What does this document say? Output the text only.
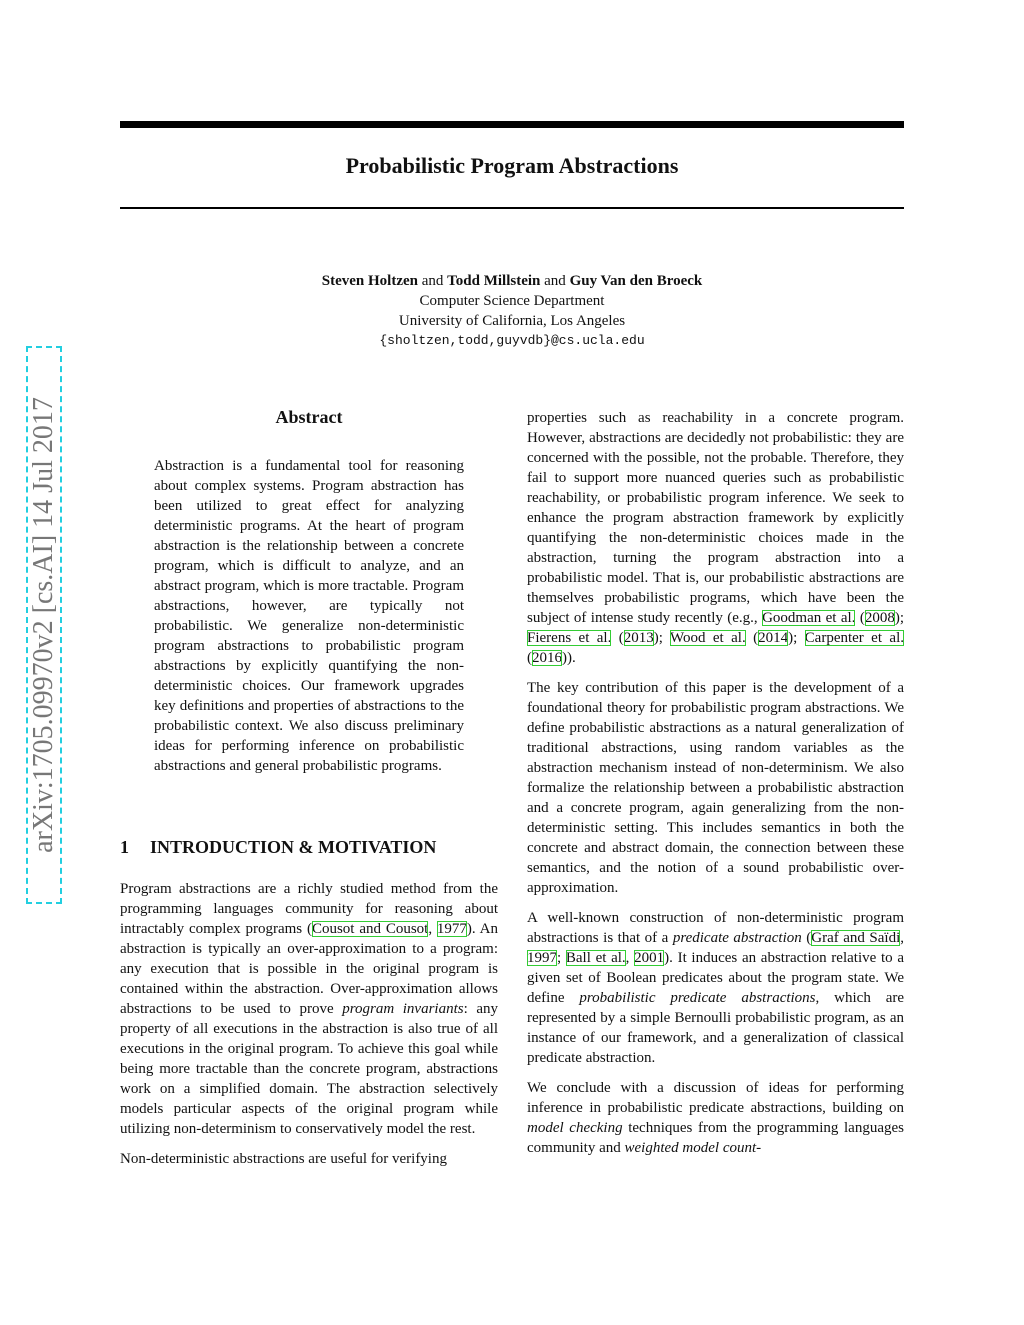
Probabilistic Program Abstractions
Steven Holtzen and Todd Millstein and Guy Van den Broeck
Computer Science Department
University of California, Los Angeles
{sholtzen,todd,guyvdb}@cs.ucla.edu
arXiv:1705.09970v2 [cs.AI] 14 Jul 2017	Abstract

Abstraction is a fundamental tool for reasoning about complex systems. Program abstraction has been utilized to great effect for analyzing deterministic programs. At the heart of program abstraction is the relationship between a concrete program, which is difficult to analyze, and an abstract program, which is more tractable. Program abstractions, however, are typically not probabilistic. We generalize non-deterministic program abstractions to probabilistic program abstractions by explicitly quantifying the non-deterministic choices. Our framework upgrades key definitions and properties of abstractions to the probabilistic context. We also discuss preliminary ideas for performing inference on probabilistic abstractions and general probabilistic programs.

1 INTRODUCTION & MOTIVATION

Program abstractions are a richly studied method from the programming languages community for reasoning about intractably complex programs (Cousot and Cousot, 1977). An abstraction is typically an over-approximation to a program: any execution that is possible in the original program is contained within the abstraction. Over-approximation allows abstractions to be used to prove program invariants: any property of all executions in the abstraction is also true of all executions in the original program. To achieve this goal while being more tractable than the concrete program, abstractions work on a simplified domain. The abstraction selectively models particular aspects of the original program while utilizing non-determinism to conservatively model the rest.

Non-deterministic abstractions are useful for verifying

properties such as reachability in a concrete program. However, abstractions are decidedly not probabilistic: they are concerned with the possible, not the probable. Therefore, they fail to support more nuanced queries such as probabilistic reachability, or probabilistic program inference. We seek to enhance the program abstraction framework by explicitly quantifying the non-deterministic choices made in the abstraction, turning the program abstraction into a probabilistic model. That is, our probabilistic abstractions are themselves probabilistic programs, which have been the subject of intense study recently (e.g., Goodman et al. (2008); Fierens et al. (2013); Wood et al. (2014); Carpenter et al. (2016)).

The key contribution of this paper is the development of a foundational theory for probabilistic program abstractions. We define probabilistic abstractions as a natural generalization of traditional abstractions, using random variables as the abstraction mechanism instead of non-determinism. We also formalize the relationship between a probabilistic abstraction and a concrete program, again generalizing from the non-deterministic setting. This includes semantics in both the concrete and abstract domain, the connection between these semantics, and the notion of a sound probabilistic over-approximation.

A well-known construction of non-deterministic program abstractions is that of a predicate abstraction (Graf and Saïdi, 1997; Ball et al., 2001). It induces an abstraction relative to a given set of Boolean predicates about the program state. We define probabilistic predicate abstractions, which are represented by a simple Bernoulli probabilistic program, as an instance of our framework, and a generalization of classical predicate abstraction.

We conclude with a discussion of ideas for performing inference in probabilistic predicate abstractions, building on model checking techniques from the programming languages community and weighted model count-
